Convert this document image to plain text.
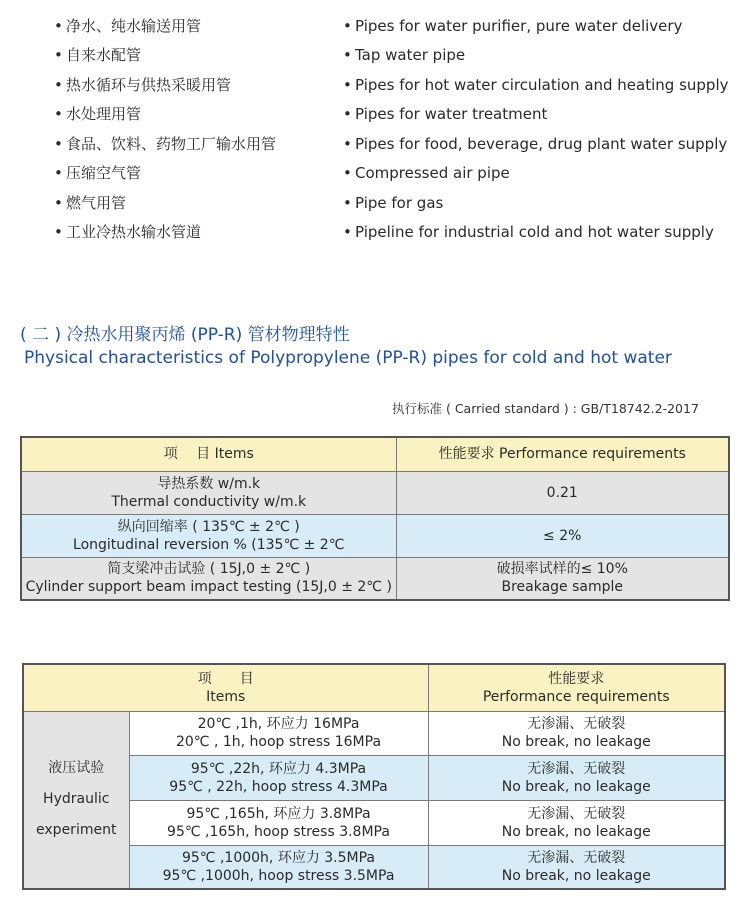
• 净水、纯水输送用管	• Pipes for water purifier, pure water delivery
• 自来水配管	• Tap water pipe
• 热水循环与供热采暖用管	• Pipes for hot water circulation and heating supply
• 水处理用管	• Pipes for water treatment
• 食品、饮料、药物工厂输水用管	• Pipes for food, beverage, drug plant water supply
• 压缩空气管	• Compressed air pipe
• 燃气用管	• Pipe for gas
• 工业冷热水输水管道	• Pipeline for industrial cold and hot water supply
( 二 ) 冷热水用聚丙烯 (PP-R) 管材物理特性
Physical characteristics of Polypropylene (PP-R) pipes for cold and hot water
执行标准 ( Carried standard ) : GB/T18742.2-2017
项　 目 Items	性能要求 Performance requirements

导热系数 w/m.k
Thermal conductivity w/m.k	0.21

纵向回缩率 ( 135℃ ± 2℃ )
Longitudinal reversion % (135℃ ± 2℃	≤ 2%

简支梁冲击试验 ( 15J,0 ± 2℃ )
Cylinder support beam impact testing (15J,0 ± 2℃ )	破损率试样的≤ 10%
Breakage sample
项　　目
Items		性能要求
Performance requirements

液压试验
Hydraulic
experiment	20℃ ,1h, 环应力 16MPa
20℃ , 1h, hoop stress 16MPa	无渗漏、无破裂
No break, no leakage

	95℃ ,22h, 环应力 4.3MPa
95℃ , 22h, hoop stress 4.3MPa	无渗漏、无破裂
No break, no leakage

	95℃ ,165h, 环应力 3.8MPa
95℃ ,165h, hoop stress 3.8MPa	无渗漏、无破裂
No break, no leakage

	95℃ ,1000h, 环应力 3.5MPa
95℃ ,1000h, hoop stress 3.5MPa	无渗漏、无破裂
No break, no leakage
